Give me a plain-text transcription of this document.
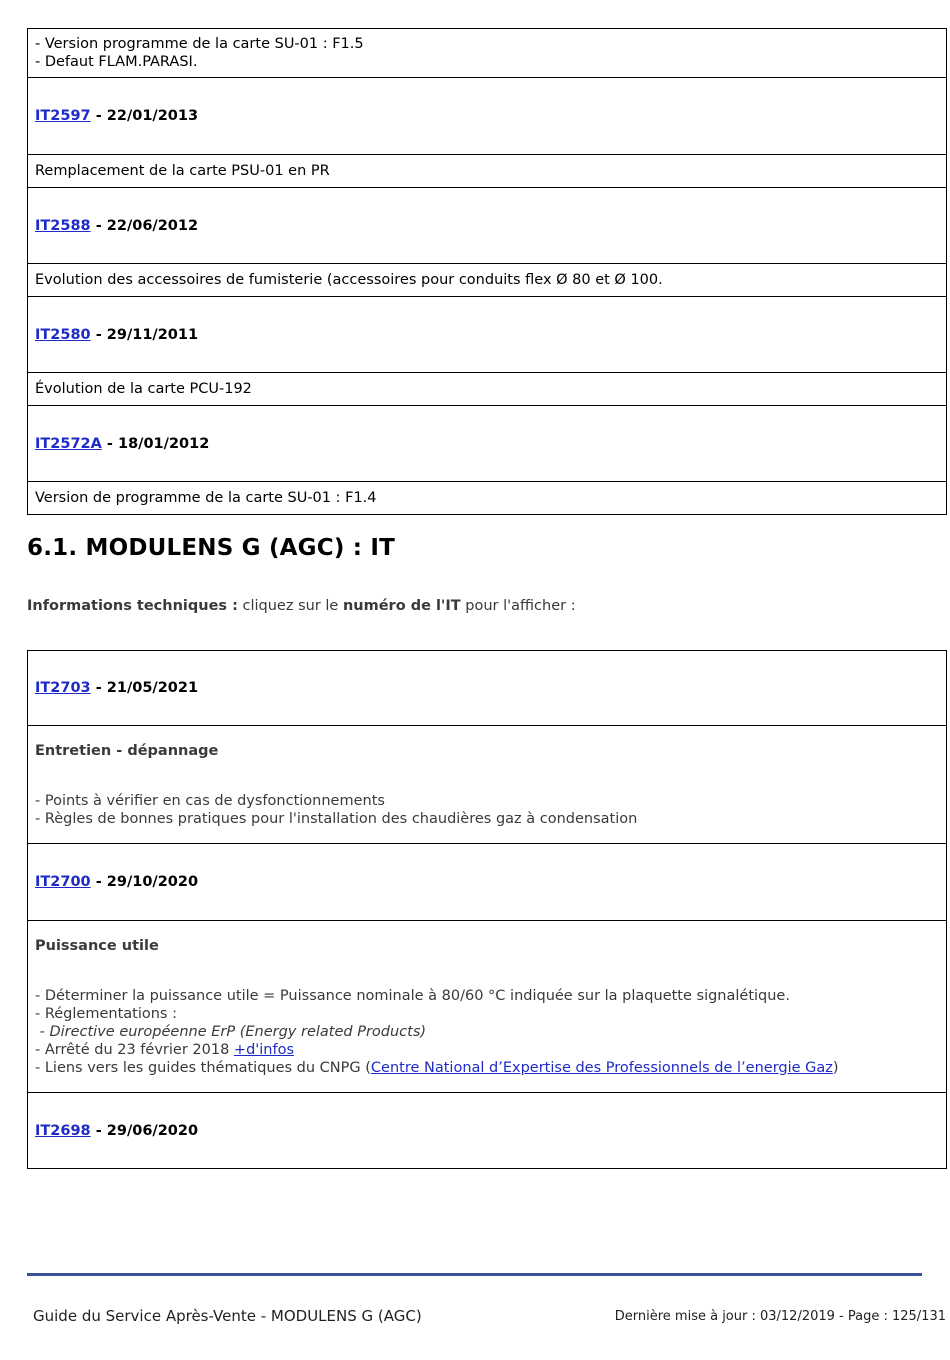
- Version programme de la carte SU-01 : F1.5
- Defaut FLAM.PARASI.

IT2597 - 22/01/2013
Remplacement de la carte PSU-01 en PR
IT2588 - 22/06/2012
Evolution des accessoires de fumisterie (accessoires pour conduits flex Ø 80 et Ø 100.
IT2580 - 29/11/2011
Évolution de la carte PCU-192
IT2572A - 18/01/2012
Version de programme de la carte SU-01 : F1.4
6.1. MODULENS G (AGC) : IT

Informations techniques : cliquez sur le numéro de l'IT pour l'afficher :

IT2703 - 21/05/2021

Entretien - dépannage
- Points à vérifier en cas de dysfonctionnements
- Règles de bonnes pratiques pour l'installation des chaudières gaz à condensation

IT2700 - 29/10/2020

Puissance utile
- Déterminer la puissance utile = Puissance nominale à 80/60 °C indiquée sur la plaquette signalétique.
- Réglementations :
- Directive européenne ErP (Energy related Products)
- Arrêté du 23 février 2018 +d'infos
- Liens vers les guides thématiques du CNPG (Centre National d’Expertise des Professionnels de l’energie Gaz)

IT2698 - 29/06/2020
Guide du Service Après-Vente - MODULENS G (AGC)	Dernière mise à jour : 03/12/2019 - Page : 125/131
